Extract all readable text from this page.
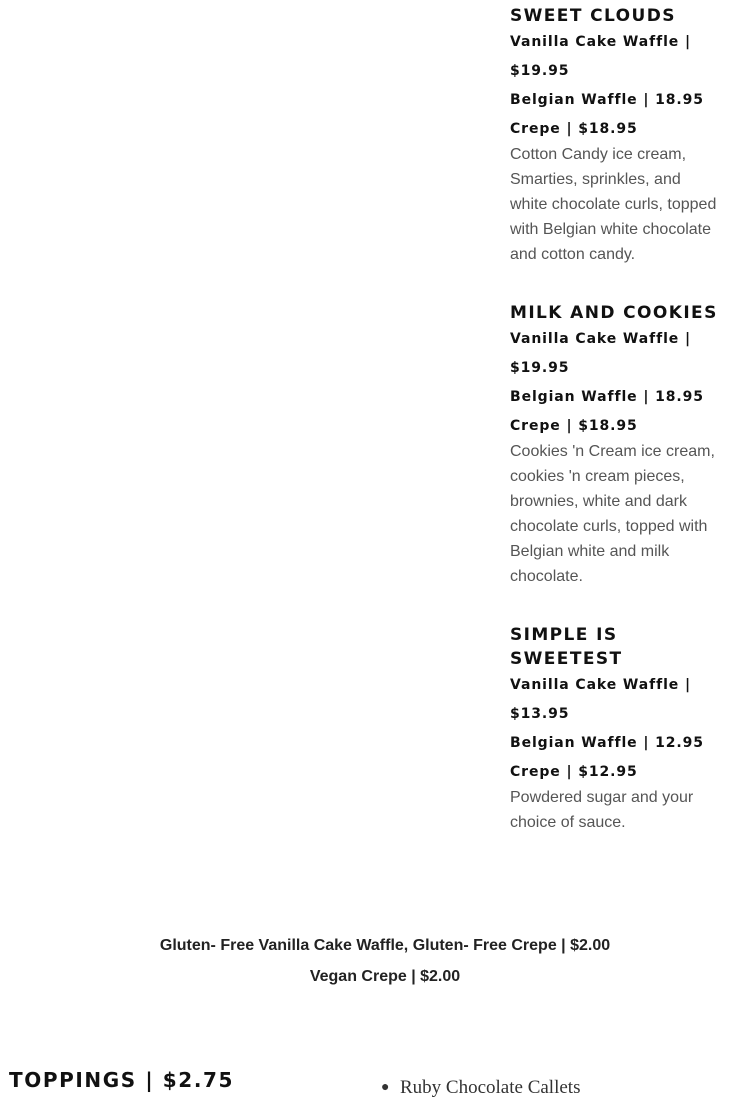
SWEET CLOUDS
Vanilla Cake Waffle | $19.95
Belgian Waffle | 18.95
Crepe | $18.95
Cotton Candy ice cream, Smarties, sprinkles, and white chocolate curls, topped with Belgian white chocolate and cotton candy.
MILK AND COOKIES
Vanilla Cake Waffle | $19.95
Belgian Waffle | 18.95
Crepe | $18.95
Cookies 'n Cream ice cream, cookies 'n cream pieces, brownies, white and dark chocolate curls, topped with Belgian white and milk chocolate.
SIMPLE IS SWEETEST
Vanilla Cake Waffle | $13.95
Belgian Waffle | 12.95
Crepe | $12.95
Powdered sugar and your choice of sauce.
Gluten- Free Vanilla Cake Waffle, Gluten- Free Crepe | $2.00
Vegan Crepe | $2.00
TOPPINGS | $2.75	● Ruby Chocolate Callets
